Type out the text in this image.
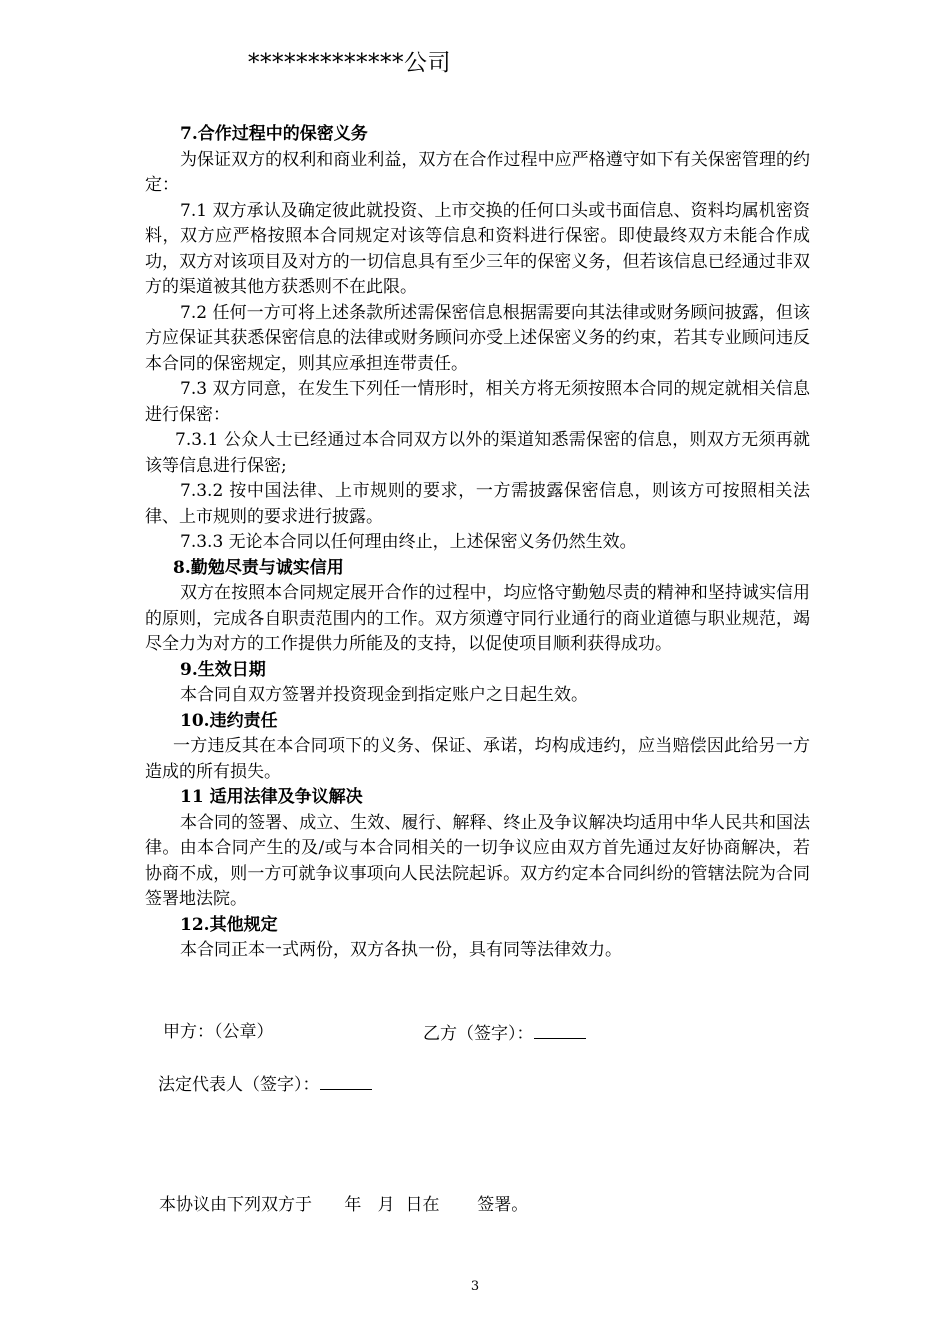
*************公司

7.合作过程中的保密义务

为保证双方的权利和商业利益，双方在合作过程中应严格遵守如下有关保密管理的约定：

7.1 双方承认及确定彼此就投资、上市交换的任何口头或书面信息、资料均属机密资料，双方应严格按照本合同规定对该等信息和资料进行保密。即使最终双方未能合作成功，双方对该项目及对方的一切信息具有至少三年的保密义务，但若该信息已经通过非双方的渠道被其他方获悉则不在此限。

7.2 任何一方可将上述条款所述需保密信息根据需要向其法律或财务顾问披露，但该方应保证其获悉保密信息的法律或财务顾问亦受上述保密义务的约束，若其专业顾问违反本合同的保密规定，则其应承担连带责任。

7.3 双方同意，在发生下列任一情形时，相关方将无须按照本合同的规定就相关信息进行保密：

7.3.1 公众人士已经通过本合同双方以外的渠道知悉需保密的信息，则双方无须再就该等信息进行保密;

7.3.2 按中国法律、上市规则的要求，一方需披露保密信息，则该方可按照相关法律、上市规则的要求进行披露。

7.3.3 无论本合同以任何理由终止，上述保密义务仍然生效。

8.勤勉尽责与诚实信用

双方在按照本合同规定展开合作的过程中，均应恪守勤勉尽责的精神和坚持诚实信用的原则，完成各自职责范围内的工作。双方须遵守同行业通行的商业道德与职业规范，竭尽全力为对方的工作提供力所能及的支持，以促使项目顺利获得成功。

9.生效日期

本合同自双方签署并投资现金到指定账户之日起生效。

10.违约责任

一方违反其在本合同项下的义务、保证、承诺，均构成违约，应当赔偿因此给另一方造成的所有损失。

11 适用法律及争议解决

本合同的签署、成立、生效、履行、解释、终止及争议解决均适用中华人民共和国法律。由本合同产生的及/或与本合同相关的一切争议应由双方首先通过友好协商解决，若协商不成，则一方可就争议事项向人民法院起诉。双方约定本合同纠纷的管辖法院为合同签署地法院。

12.其他规定

本合同正本一式两份，双方各执一份，具有同等法律效力。

甲方：（公章）	乙方（签字）：
法定代表人（签字）：
本协议由下列双方于      年   月  日在       签署。
3
